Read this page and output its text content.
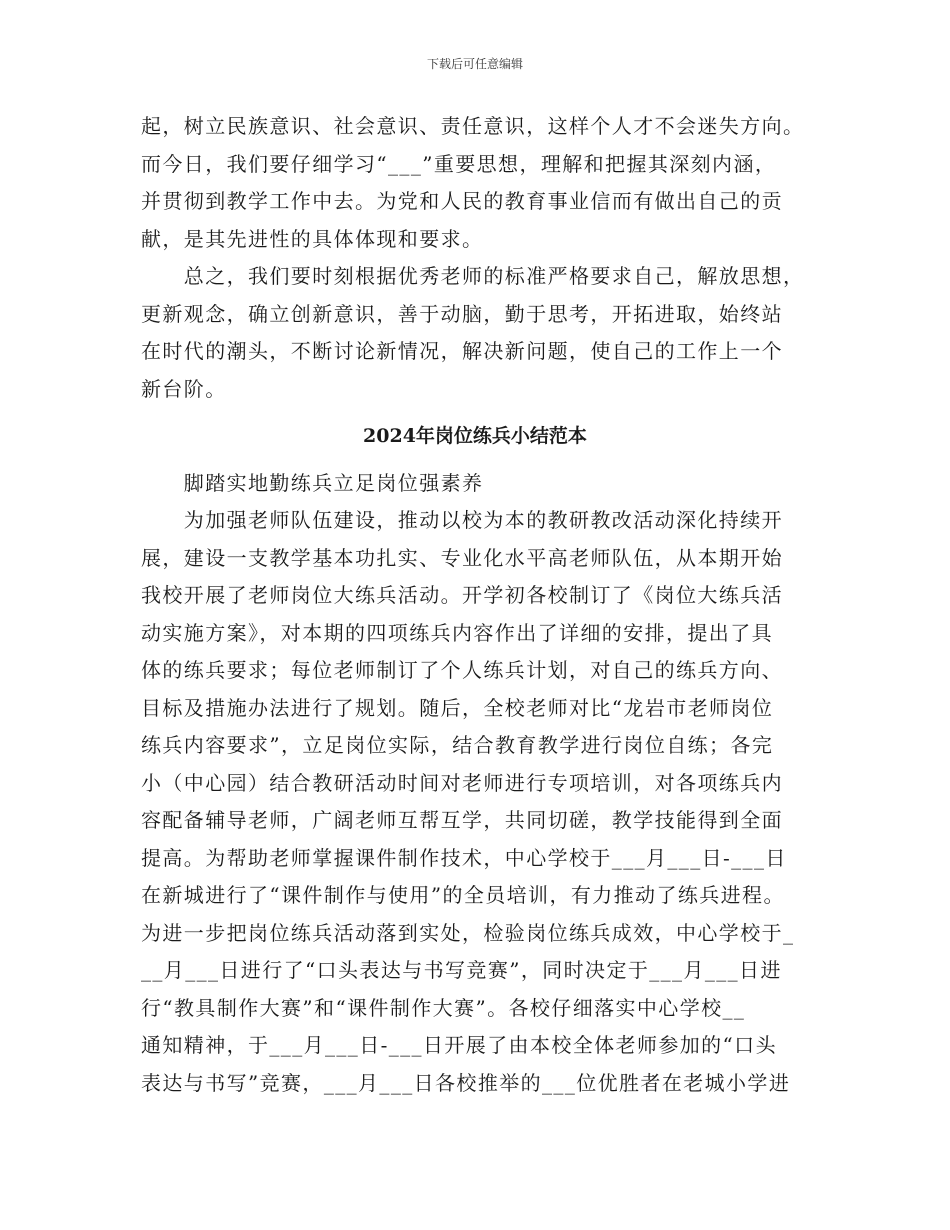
下载后可任意编辑
起，树立民族意识、社会意识、责任意识，这样个人才不会迷失方向。
而今日，我们要仔细学习“___”重要思想，理解和把握其深刻内涵，
并贯彻到教学工作中去。为党和人民的教育事业信而有做出自己的贡
献，是其先进性的具体体现和要求。
　　总之，我们要时刻根据优秀老师的标准严格要求自己，解放思想，
更新观念，确立创新意识，善于动脑，勤于思考，开拓进取，始终站
在时代的潮头，不断讨论新情况，解决新问题，使自己的工作上一个
新台阶。
2024年岗位练兵小结范本
　　脚踏实地勤练兵立足岗位强素养
　　为加强老师队伍建设，推动以校为本的教研教改活动深化持续开
展，建设一支教学基本功扎实、专业化水平高老师队伍，从本期开始
我校开展了老师岗位大练兵活动。开学初各校制订了《岗位大练兵活
动实施方案》，对本期的四项练兵内容作出了详细的安排，提出了具
体的练兵要求；每位老师制订了个人练兵计划，对自己的练兵方向、
目标及措施办法进行了规划。随后，全校老师对比“龙岩市老师岗位
练兵内容要求”，立足岗位实际，结合教育教学进行岗位自练；各完
小（中心园）结合教研活动时间对老师进行专项培训，对各项练兵内
容配备辅导老师，广阔老师互帮互学，共同切磋，教学技能得到全面
提高。为帮助老师掌握课件制作技术，中心学校于___月___日-___日
在新城进行了“课件制作与使用”的全员培训，有力推动了练兵进程。
为进一步把岗位练兵活动落到实处，检验岗位练兵成效，中心学校于_
__月___日进行了“口头表达与书写竞赛”，同时决定于___月___日进
行“教具制作大赛”和“课件制作大赛”。各校仔细落实中心学校__
通知精神，于___月___日-___日开展了由本校全体老师参加的“口头
表达与书写”竞赛，___月___日各校推举的___位优胜者在老城小学进
